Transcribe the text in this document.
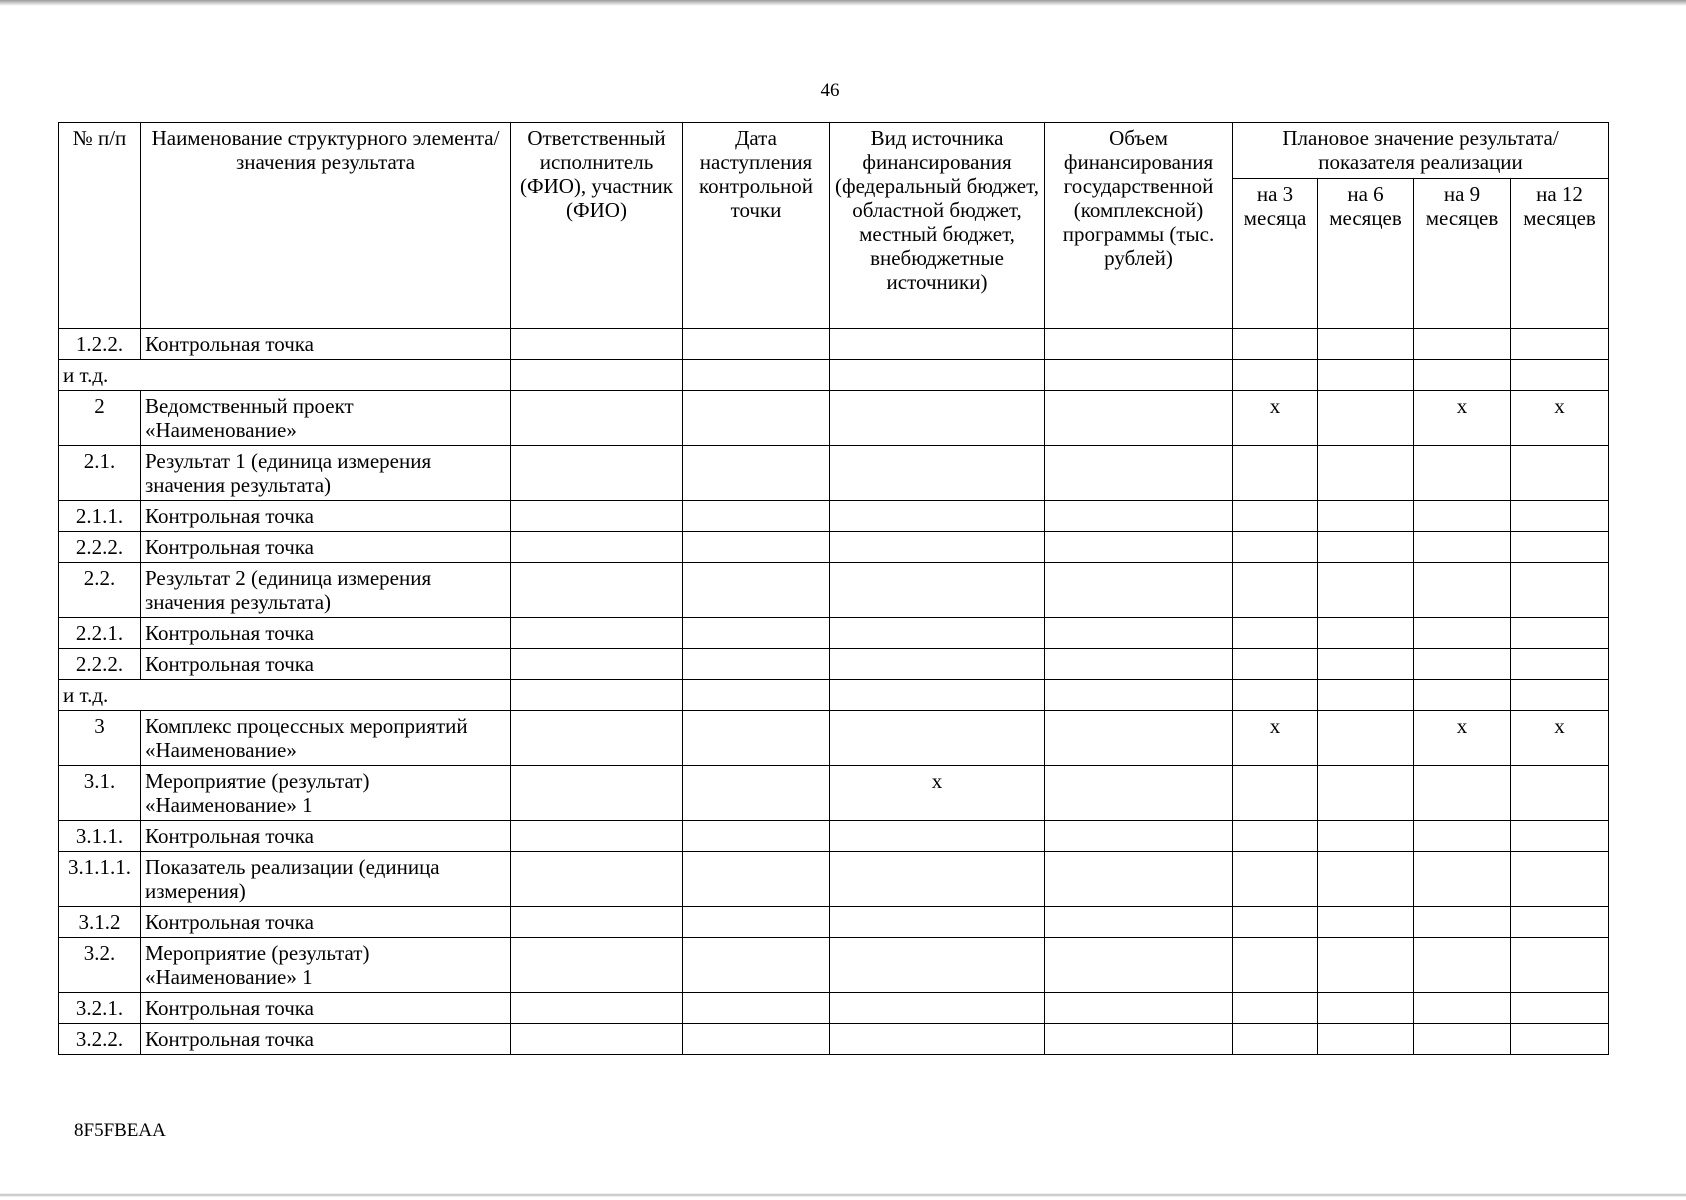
46
№ п/п	Наименование структурного элемента/ значения результата	Ответственный исполнитель (ФИО), участник (ФИО)	Дата наступления контрольной точки	Вид источника финансирования (федеральный бюджет, областной бюджет, местный бюджет, внебюджетные источники)	Объем финансирования государственной (комплексной) программы (тыс. рублей)	Плановое значение результата/показателя реализации			
						на 3 месяца	на 6 месяцев	на 9 месяцев	на 12 месяцев
1.2.2.	Контрольная точка								
и т.д.									
2	Ведомственный проект «Наименование»					х		х	х
2.1.	Результат 1 (единица измерения значения результата)								
2.1.1.	Контрольная точка								
2.2.2.	Контрольная точка								
2.2.	Результат 2 (единица измерения значения результата)								
2.2.1.	Контрольная точка								
2.2.2.	Контрольная точка								
и т.д.									
3	Комплекс процессных мероприятий «Наименование»					х		х	х
3.1.	Мероприятие (результат) «Наименование» 1			х					
3.1.1.	Контрольная точка								
3.1.1.1.	Показатель реализации (единица измерения)								
3.1.2	Контрольная точка								
3.2.	Мероприятие (результат) «Наименование» 1								
3.2.1.	Контрольная точка								
3.2.2.	Контрольная точка								
8F5FBEAA
